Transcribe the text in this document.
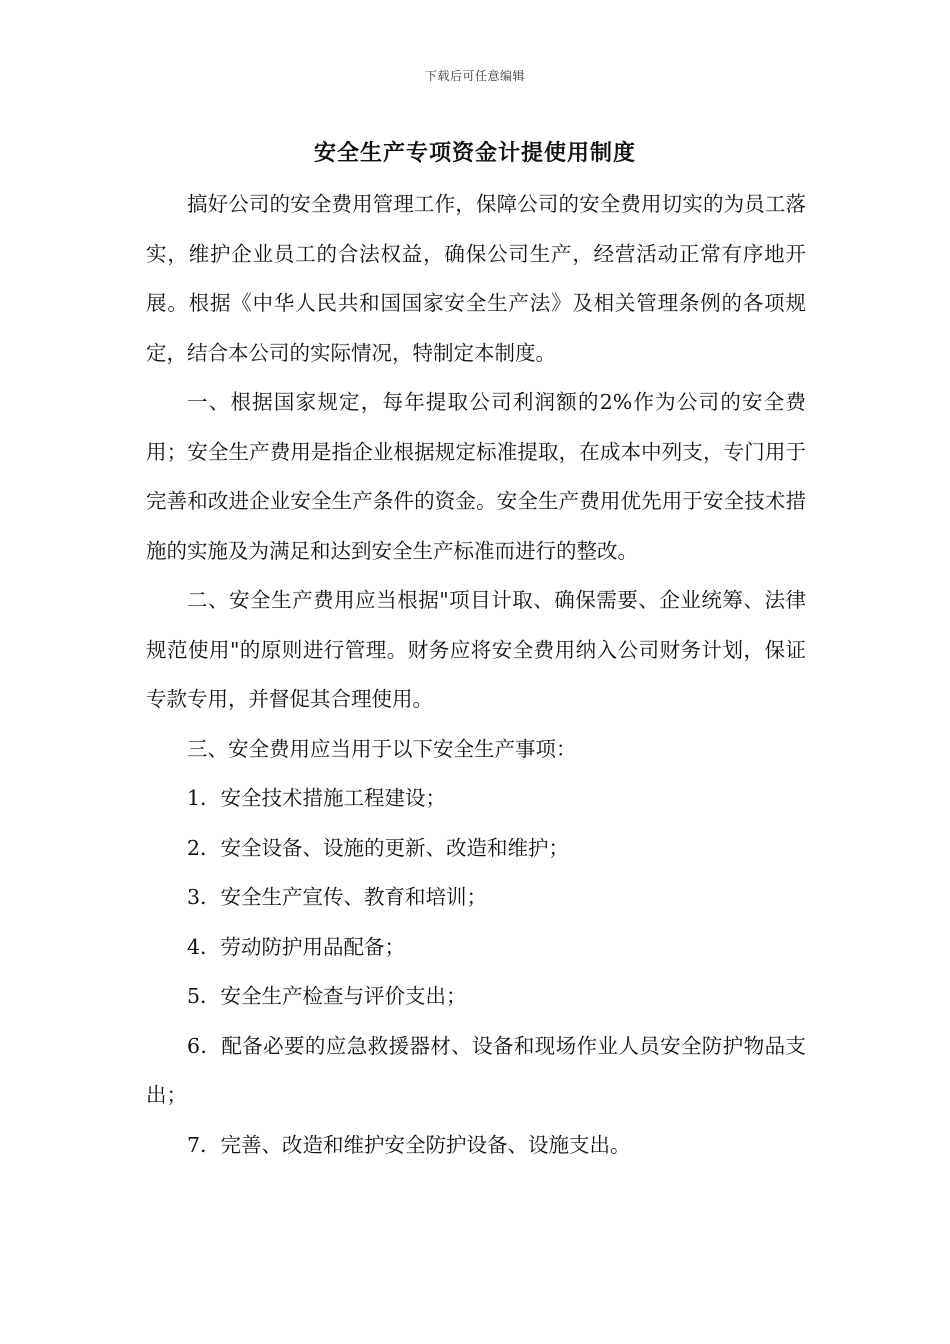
下载后可任意编辑
安全生产专项资金计提使用制度

搞好公司的安全费用管理工作，保障公司的安全费用切实的为员工落实，维护企业员工的合法权益，确保公司生产，经营活动正常有序地开展。根据《中华人民共和国国家安全生产法》及相关管理条例的各项规定，结合本公司的实际情况，特制定本制度。

一、根据国家规定，每年提取公司利润额的2%作为公司的安全费用；安全生产费用是指企业根据规定标准提取，在成本中列支，专门用于完善和改进企业安全生产条件的资金。安全生产费用优先用于安全技术措施的实施及为满足和达到安全生产标准而进行的整改。

二、安全生产费用应当根据"项目计取、确保需要、企业统筹、法律规范使用"的原则进行管理。财务应将安全费用纳入公司财务计划，保证专款专用，并督促其合理使用。

三、安全费用应当用于以下安全生产事项：

1．安全技术措施工程建设；

2．安全设备、设施的更新、改造和维护；

3．安全生产宣传、教育和培训；

4．劳动防护用品配备；

5．安全生产检查与评价支出；

6．配备必要的应急救援器材、设备和现场作业人员安全防护物品支出；

7．完善、改造和维护安全防护设备、设施支出。
